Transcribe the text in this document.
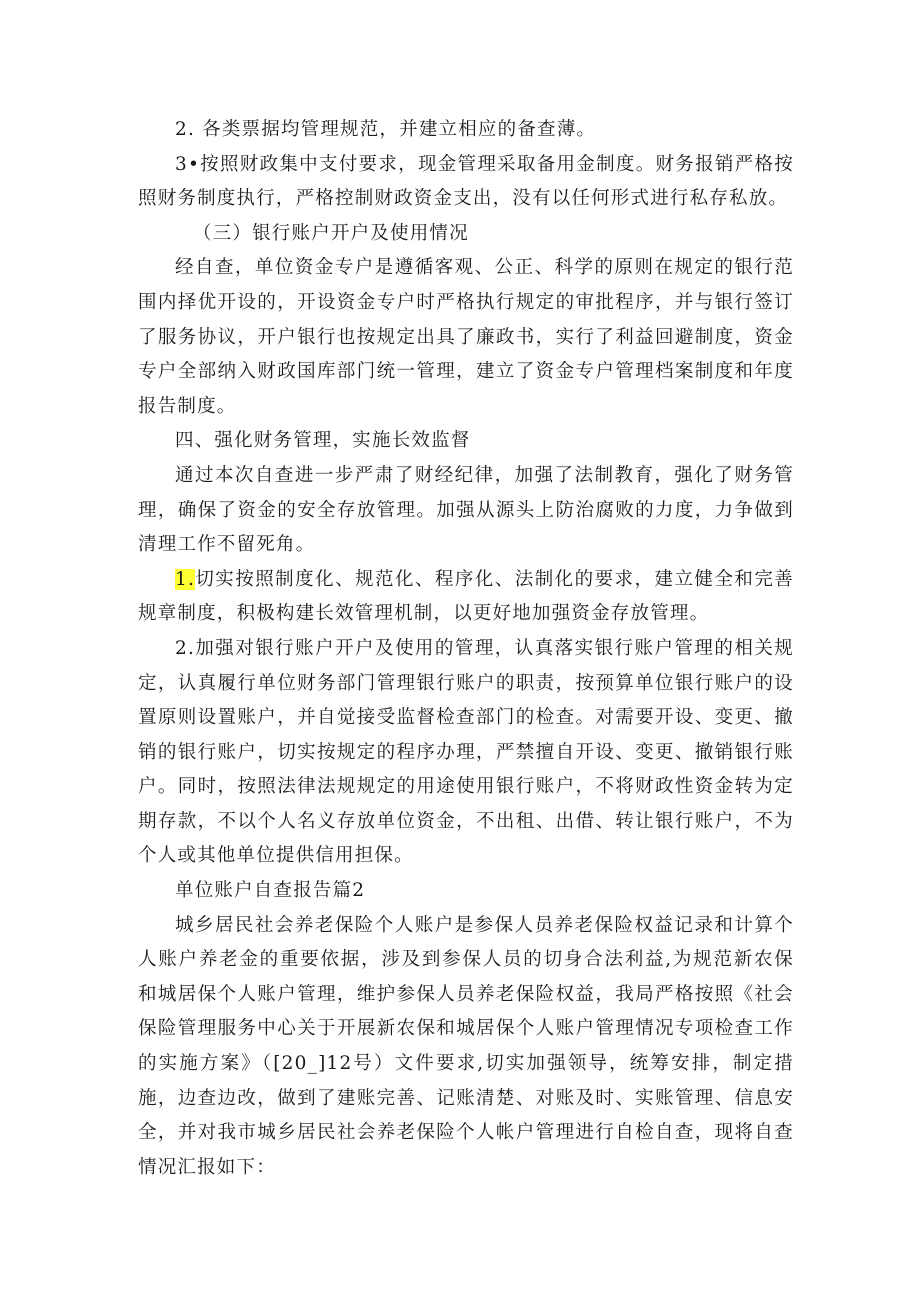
2. 各类票据均管理规范，并建立相应的备查薄。

3•按照财政集中支付要求，现金管理采取备用金制度。财务报销严格按照财务制度执行，严格控制财政资金支出，没有以任何形式进行私存私放。

（三）银行账户开户及使用情况

经自查，单位资金专户是遵循客观、公正、科学的原则在规定的银行范围内择优开设的，开设资金专户时严格执行规定的审批程序，并与银行签订了服务协议，开户银行也按规定出具了廉政书，实行了利益回避制度，资金专户全部纳入财政国库部门统一管理，建立了资金专户管理档案制度和年度报告制度。

四、强化财务管理，实施长效监督

通过本次自查进一步严肃了财经纪律，加强了法制教育，强化了财务管理，确保了资金的安全存放管理。加强从源头上防治腐败的力度，力争做到清理工作不留死角。

1.切实按照制度化、规范化、程序化、法制化的要求，建立健全和完善规章制度，积极构建长效管理机制，以更好地加强资金存放管理。

2.加强对银行账户开户及使用的管理，认真落实银行账户管理的相关规定，认真履行单位财务部门管理银行账户的职责，按预算单位银行账户的设置原则设置账户，并自觉接受监督检查部门的检查。对需要开设、变更、撤销的银行账户，切实按规定的程序办理，严禁擅自开设、变更、撤销银行账户。同时，按照法律法规规定的用途使用银行账户，不将财政性资金转为定期存款，不以个人名义存放单位资金，不出租、出借、转让银行账户，不为个人或其他单位提供信用担保。

单位账户自查报告篇2

城乡居民社会养老保险个人账户是参保人员养老保险权益记录和计算个人账户养老金的重要依据，涉及到参保人员的切身合法利益,为规范新农保和城居保个人账户管理，维护参保人员养老保险权益，我局严格按照《社会保险管理服务中心关于开展新农保和城居保个人账户管理情况专项检查工作的实施方案》（[20_]12号）文件要求,切实加强领导，统筹安排，制定措施，边查边改，做到了建账完善、记账清楚、对账及时、实账管理、信息安全，并对我市城乡居民社会养老保险个人帐户管理进行自检自查，现将自查情况汇报如下：
